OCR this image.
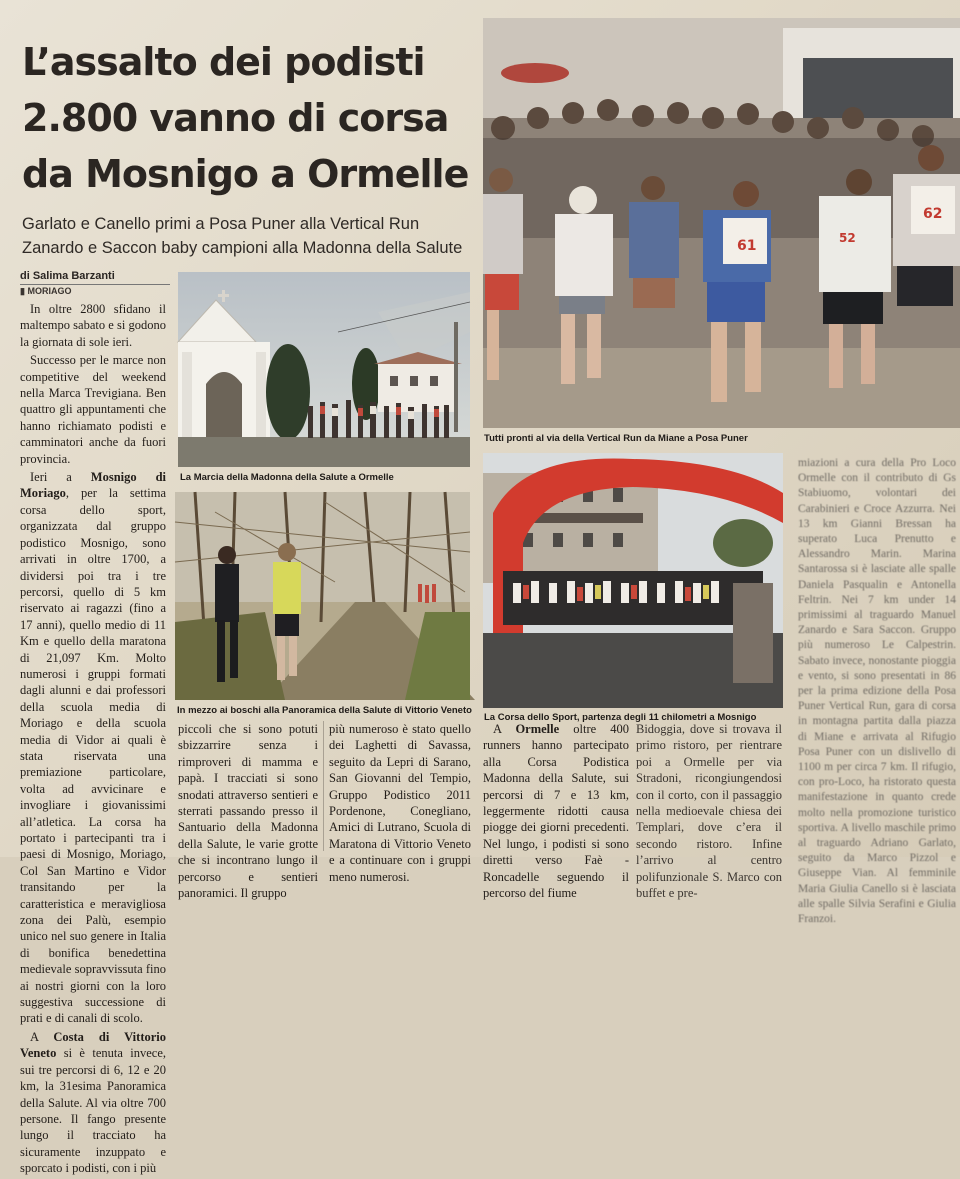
L’assalto dei podisti
2.800 vanno di corsa
da Mosnigo a Ormelle
Garlato e Canello primi a Posa Puner alla Vertical Run
Zanardo e Saccon baby campioni alla Madonna della Salute
di Salima Barzanti
▮ MORIAGO

In oltre 2800 sfidano il maltempo sabato e si godono la giornata di sole ieri.

Successo per le marce non competitive del weekend nella Marca Trevigiana. Ben quattro gli appuntamenti che hanno richiamato podisti e camminatori anche da fuori provincia.

Ieri a Mosnigo di Moriago, per la settima corsa dello sport, organizzata dal gruppo podistico Mosnigo, sono arrivati in oltre 1700, a dividersi poi tra i tre percorsi, quello di 5 km riservato ai ragazzi (fino a 17 anni), quello medio di 11 Km e quello della maratona di 21,097 Km. Molto numerosi i gruppi formati dagli alunni e dai professori della scuola media di Moriago e della scuola media di Vidor ai quali è stata riservata una premiazione particolare, volta ad avvicinare e invogliare i giovanissimi all’atletica. La corsa ha portato i partecipanti tra i paesi di Mosnigo, Moriago, Col San Martino e Vidor transitando per la caratteristica e meravigliosa zona dei Palù, esempio unico nel suo genere in Italia di bonifica benedettina medievale sopravvissuta fino ai nostri giorni con la loro suggestiva successione di prati e di canali di scolo.

A Costa di Vittorio Veneto si è tenuta invece, sui tre percorsi di 6, 12 e 20 km, la 31esima Panoramica della Salute. Al via oltre 700 persone. Il fango presente lungo il tracciato ha sicuramente inzuppato e sporcato i podisti, con i più

La Marcia della Madonna della Salute a Ormelle
In mezzo ai boschi alla Panoramica della Salute di Vittorio Veneto
61
62
52
Tutti pronti al via della Vertical Run da Miane a Posa Puner
La Corsa dello Sport, partenza degli 11 chilometri a Mosnigo

piccoli che si sono potuti sbizzarrire senza i rimproveri di mamma e papà. I tracciati si sono snodati attraverso sentieri e sterrati passando presso il Santuario della Madonna della Salute, le varie grotte che si incontrano lungo il percorso e sentieri panoramici. Il gruppo

più numeroso è stato quello dei Laghetti di Savassa, seguito da Lepri di Sarano, San Giovanni del Tempio, Gruppo Podistico 2011 Pordenone, Conegliano, Amici di Lutrano, Scuola di Maratona di Vittorio Veneto e a continuare con i gruppi meno numerosi.

A Ormelle oltre 400 runners hanno partecipato alla Corsa Podistica Madonna della Salute, sui percorsi di 7 e 13 km, leggermente ridotti causa piogge dei giorni precedenti. Nel lungo, i podisti si sono diretti verso Faè - Roncadelle seguendo il percorso del fiume

Bidoggia, dove si trovava il primo ristoro, per rientrare poi a Ormelle per via Stradoni, ricongiungendosi con il corto, con il passaggio nella medioevale chiesa dei Templari, dove c’era il secondo ristoro. Infine l’arrivo al centro polifunzionale S. Marco con buffet e pre-

miazioni a cura della Pro Loco Ormelle con il contributo di Gs Stabiuomo, volontari dei Carabinieri e Croce Azzurra. Nei 13 km Gianni Bressan ha superato Luca Prenutto e Alessandro Marin. Marina Santarossa si è lasciate alle spalle Daniela Pasqualin e Antonella Feltrin. Nei 7 km under 14 primissimi al traguardo Manuel Zanardo e Sara Saccon. Gruppo più numeroso Le Calpestrin. Sabato invece, nonostante pioggia e vento, si sono presentati in 86 per la prima edizione della Posa Puner Vertical Run, gara di corsa in montagna partita dalla piazza di Miane e arrivata al Rifugio Posa Puner con un dislivello di 1100 m per circa 7 km. Il rifugio, con pro-Loco, ha ristorato questa manifestazione in quanto crede molto nella promozione turistico sportiva. A livello maschile primo al traguardo Adriano Garlato, seguito da Marco Pizzol e Giuseppe Vian. Al femminile Maria Giulia Canello si è lasciata alle spalle Silvia Serafini e Giulia Franzoi.
